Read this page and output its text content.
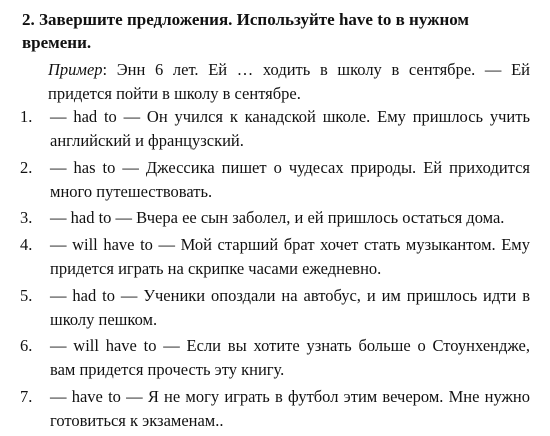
2. Завершите предложения. Используйте have to в нужном времени.
Пример: Энн 6 лет. Ей … ходить в школу в сентябре. — Ей придется пойти в школу в сентябре.
1. — had to — Он учился к канадской школе. Ему пришлось учить английский и французский.
2. — has to — Джессика пишет о чудесах природы. Ей приходится много путешествовать.
3. — had to — Вчера ее сын заболел, и ей пришлось остаться дома.
4. — will have to — Мой старший брат хочет стать музыкантом. Ему придется играть на скрипке часами ежедневно.
5. — had to — Ученики опоздали на автобус, и им пришлось идти в школу пешком.
6. — will have to — Если вы хотите узнать больше о Стоунхендже, вам придется прочесть эту книгу.
7. — have to — Я не могу играть в футбол этим вечером. Мне нужно готовиться к экзаменам..
